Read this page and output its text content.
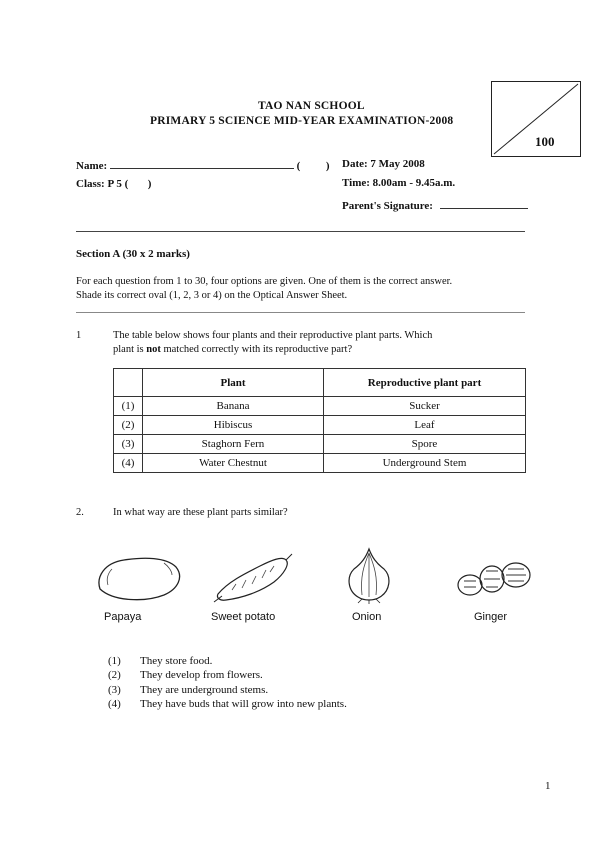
TAO NAN SCHOOL
PRIMARY 5 SCIENCE MID-YEAR EXAMINATION-2008
100
Name:	( )	Date: 7 May 2008
Class: P 5 ( )	Time: 8.00am - 9.45a.m.
Parent's Signature:
Section A (30 x 2 marks)
For each question from 1 to 30, four options are given. One of them is the correct answer.
Shade its correct oval (1, 2, 3 or 4) on the Optical Answer Sheet.
1	The table below shows four plants and their reproductive plant parts. Which
plant is not matched correctly with its reproductive part?
	Plant	Reproductive plant part
(1)	Banana	Sucker
(2)	Hibiscus	Leaf
(3)	Staghorn Fern	Spore
(4)	Water Chestnut	Underground Stem
2.	In what way are these plant parts similar?
Papaya	Sweet potato	Onion	Ginger
(1) They store food.
(2) They develop from flowers.
(3) They are underground stems.
(4) They have buds that will grow into new plants.
1
